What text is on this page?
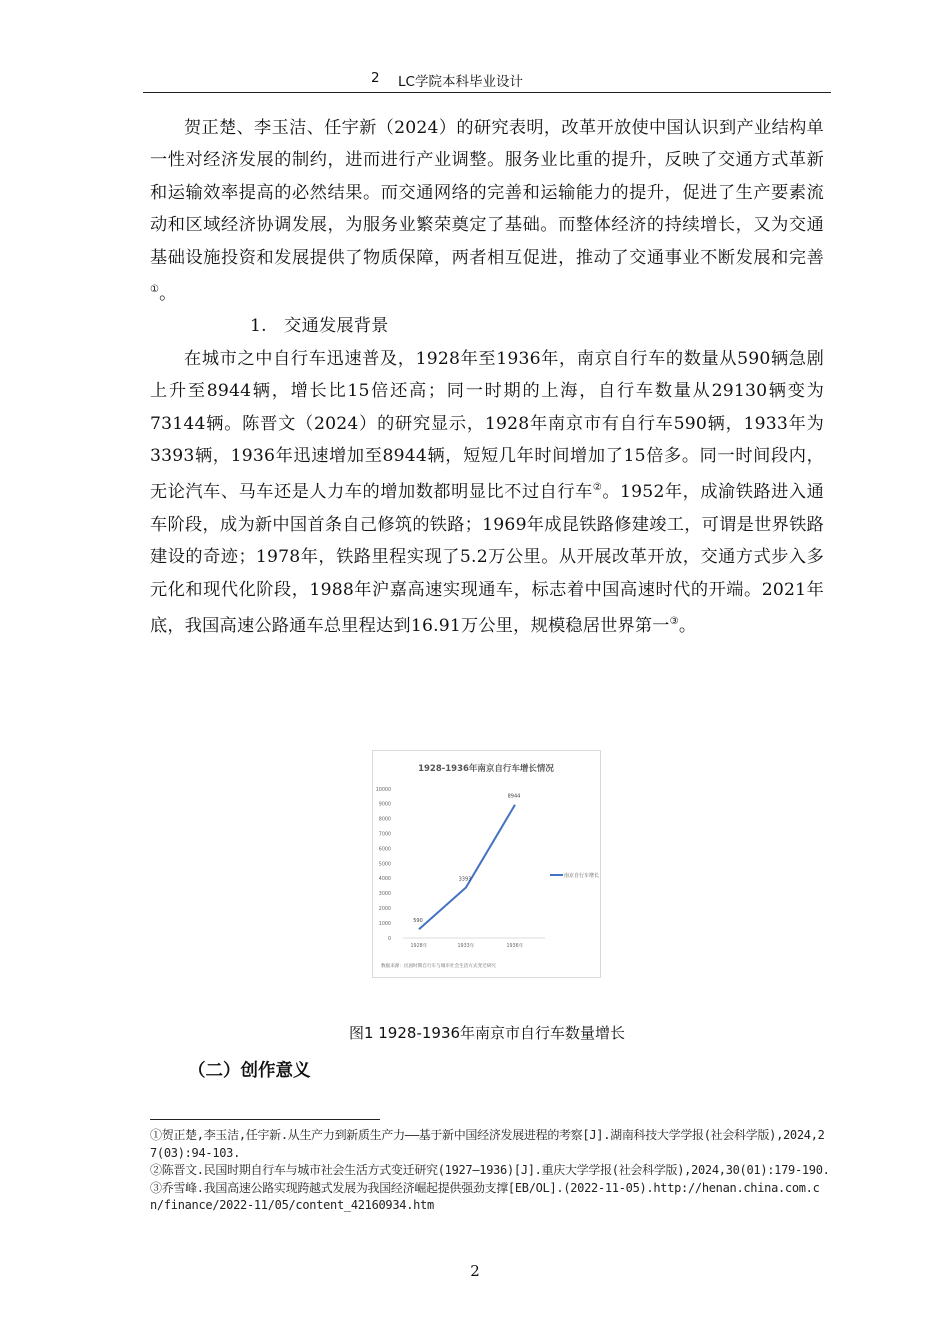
2 LC学院本科毕业设计

贺正楚、李玉洁、任宇新（2024）的研究表明，改革开放使中国认识到产业结构单一性对经济发展的制约，进而进行产业调整。服务业比重的提升，反映了交通方式革新和运输效率提高的必然结果。而交通网络的完善和运输能力的提升，促进了生产要素流动和区域经济协调发展，为服务业繁荣奠定了基础。而整体经济的持续增长，又为交通基础设施投资和发展提供了物质保障，两者相互促进，推动了交通事业不断发展和完善①。

1.　交通发展背景

在城市之中自行车迅速普及，1928年至1936年，南京自行车的数量从590辆急剧上升至8944辆，增长比15倍还高；同一时期的上海，自行车数量从29130辆变为73144辆。陈晋文（2024）的研究显示，1928年南京市有自行车590辆，1933年为3393辆，1936年迅速增加至8944辆，短短几年时间增加了15倍多。同一时间段内，无论汽车、马车还是人力车的增加数都明显比不过自行车②。1952年，成渝铁路进入通车阶段，成为新中国首条自己修筑的铁路；1969年成昆铁路修建竣工，可谓是世界铁路建设的奇迹；1978年，铁路里程实现了5.2万公里。从开展改革开放，交通方式步入多元化和现代化阶段，1988年沪嘉高速实现通车，标志着中国高速时代的开端。2021年底，我国高速公路通车总里程达到16.91万公里，规模稳居世界第一③。

1928-1936年南京自行车增长情况
0
1000
2000
3000
4000
5000
6000
7000
8000
9000
10000
1928年	1933年	1936年
590
3393
8944
南京自行车增长
数据来源：民国时期自行车与城市社会生活方式变迁研究
图1 1928-1936年南京市自行车数量增长
（二）创作意义

①贺正楚,李玉洁,任宇新.从生产力到新质生产力——基于新中国经济发展进程的考察[J].湖南科技大学学报(社会科学版),2024,27(03):94-103.

②陈晋文.民国时期自行车与城市社会生活方式变迁研究(1927—1936)[J].重庆大学学报(社会科学版),2024,30(01):179-190.

③乔雪峰.我国高速公路实现跨越式发展为我国经济崛起提供强劲支撑[EB/OL].(2022-11-05).http://henan.china.com.cn/finance/2022-11/05/content_42160934.htm

2
